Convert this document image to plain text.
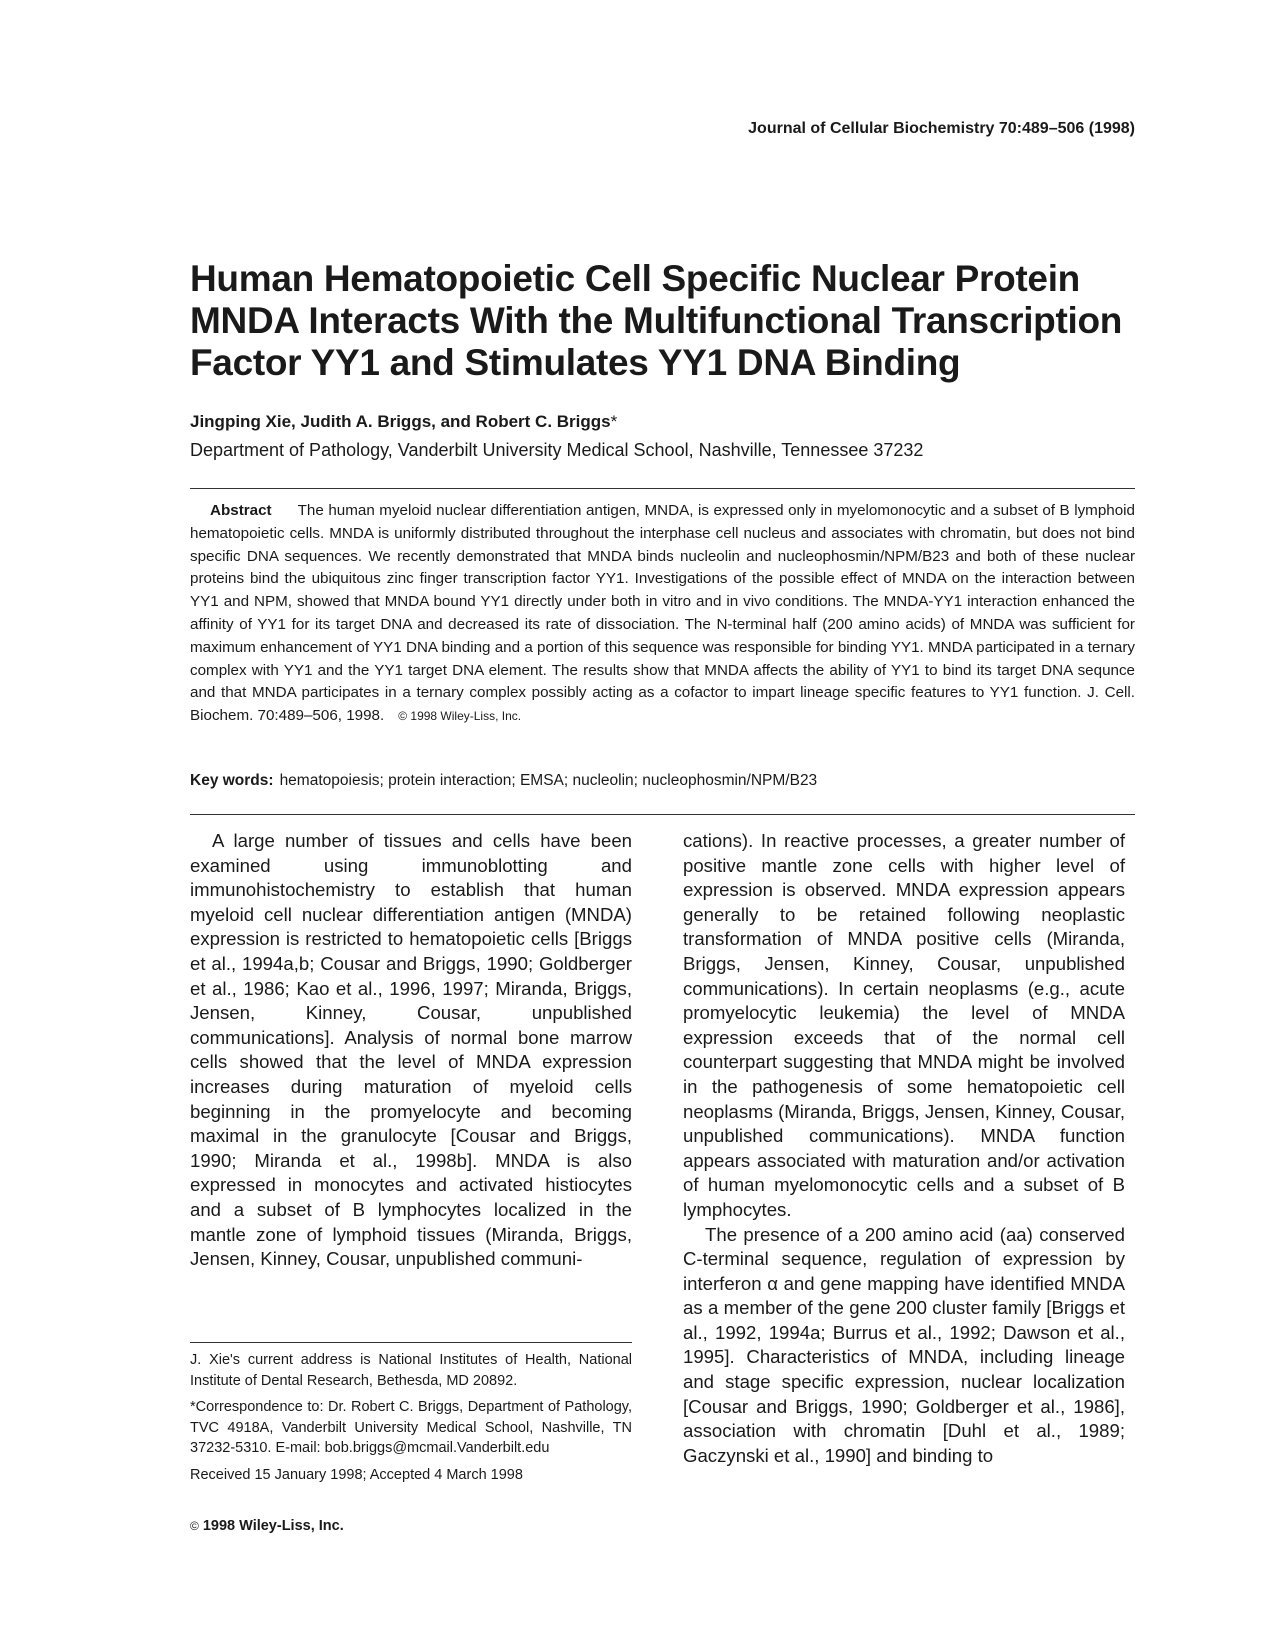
Journal of Cellular Biochemistry 70:489–506 (1998)
Human Hematopoietic Cell Specific Nuclear Protein
MNDA Interacts With the Multifunctional Transcription
Factor YY1 and Stimulates YY1 DNA Binding
Jingping Xie, Judith A. Briggs, and Robert C. Briggs*
Department of Pathology, Vanderbilt University Medical School, Nashville, Tennessee 37232

Abstract The human myeloid nuclear differentiation antigen, MNDA, is expressed only in myelomonocytic and a subset of B lymphoid hematopoietic cells. MNDA is uniformly distributed throughout the interphase cell nucleus and associates with chromatin, but does not bind specific DNA sequences. We recently demonstrated that MNDA binds nucleolin and nucleophosmin/NPM/B23 and both of these nuclear proteins bind the ubiquitous zinc finger transcription factor YY1. Investigations of the possible effect of MNDA on the interaction between YY1 and NPM, showed that MNDA bound YY1 directly under both in vitro and in vivo conditions. The MNDA-YY1 interaction enhanced the affinity of YY1 for its target DNA and decreased its rate of dissociation. The N-terminal half (200 amino acids) of MNDA was sufficient for maximum enhancement of YY1 DNA binding and a portion of this sequence was responsible for binding YY1. MNDA participated in a ternary complex with YY1 and the YY1 target DNA element. The results show that MNDA affects the ability of YY1 to bind its target DNA sequnce and that MNDA participates in a ternary complex possibly acting as a cofactor to impart lineage specific features to YY1 function. J. Cell. Biochem. 70:489–506, 1998. © 1998 Wiley-Liss, Inc.

Key words: hematopoiesis; protein interaction; EMSA; nucleolin; nucleophosmin/NPM/B23

A large number of tissues and cells have been examined using immunoblotting and immunohistochemistry to establish that human myeloid cell nuclear differentiation antigen (MNDA) expression is restricted to hematopoietic cells [Briggs et al., 1994a,b; Cousar and Briggs, 1990; Goldberger et al., 1986; Kao et al., 1996, 1997; Miranda, Briggs, Jensen, Kinney, Cousar, unpublished communications]. Analysis of normal bone marrow cells showed that the level of MNDA expression increases during maturation of myeloid cells beginning in the promyelocyte and becoming maximal in the granulocyte [Cousar and Briggs, 1990; Miranda et al., 1998b]. MNDA is also expressed in monocytes and activated histiocytes and a subset of B lymphocytes localized in the mantle zone of lymphoid tissues (Miranda, Briggs, Jensen, Kinney, Cousar, unpublished communi-

cations). In reactive processes, a greater number of positive mantle zone cells with higher level of expression is observed. MNDA expression appears generally to be retained following neoplastic transformation of MNDA positive cells (Miranda, Briggs, Jensen, Kinney, Cousar, unpublished communications). In certain neoplasms (e.g., acute promyelocytic leukemia) the level of MNDA expression exceeds that of the normal cell counterpart suggesting that MNDA might be involved in the pathogenesis of some hematopoietic cell neoplasms (Miranda, Briggs, Jensen, Kinney, Cousar, unpublished communications). MNDA function appears associated with maturation and/or activation of human myelomonocytic cells and a subset of B lymphocytes.

The presence of a 200 amino acid (aa) conserved C-terminal sequence, regulation of expression by interferon α and gene mapping have identified MNDA as a member of the gene 200 cluster family [Briggs et al., 1992, 1994a; Burrus et al., 1992; Dawson et al., 1995]. Characteristics of MNDA, including lineage and stage specific expression, nuclear localization [Cousar and Briggs, 1990; Goldberger et al., 1986], association with chromatin [Duhl et al., 1989; Gaczynski et al., 1990] and binding to

J. Xie's current address is National Institutes of Health, National Institute of Dental Research, Bethesda, MD 20892.

*Correspondence to: Dr. Robert C. Briggs, Department of Pathology, TVC 4918A, Vanderbilt University Medical School, Nashville, TN 37232-5310. E-mail: bob.briggs@mcmail.Vanderbilt.edu

Received 15 January 1998; Accepted 4 March 1998

© 1998 Wiley-Liss, Inc.
